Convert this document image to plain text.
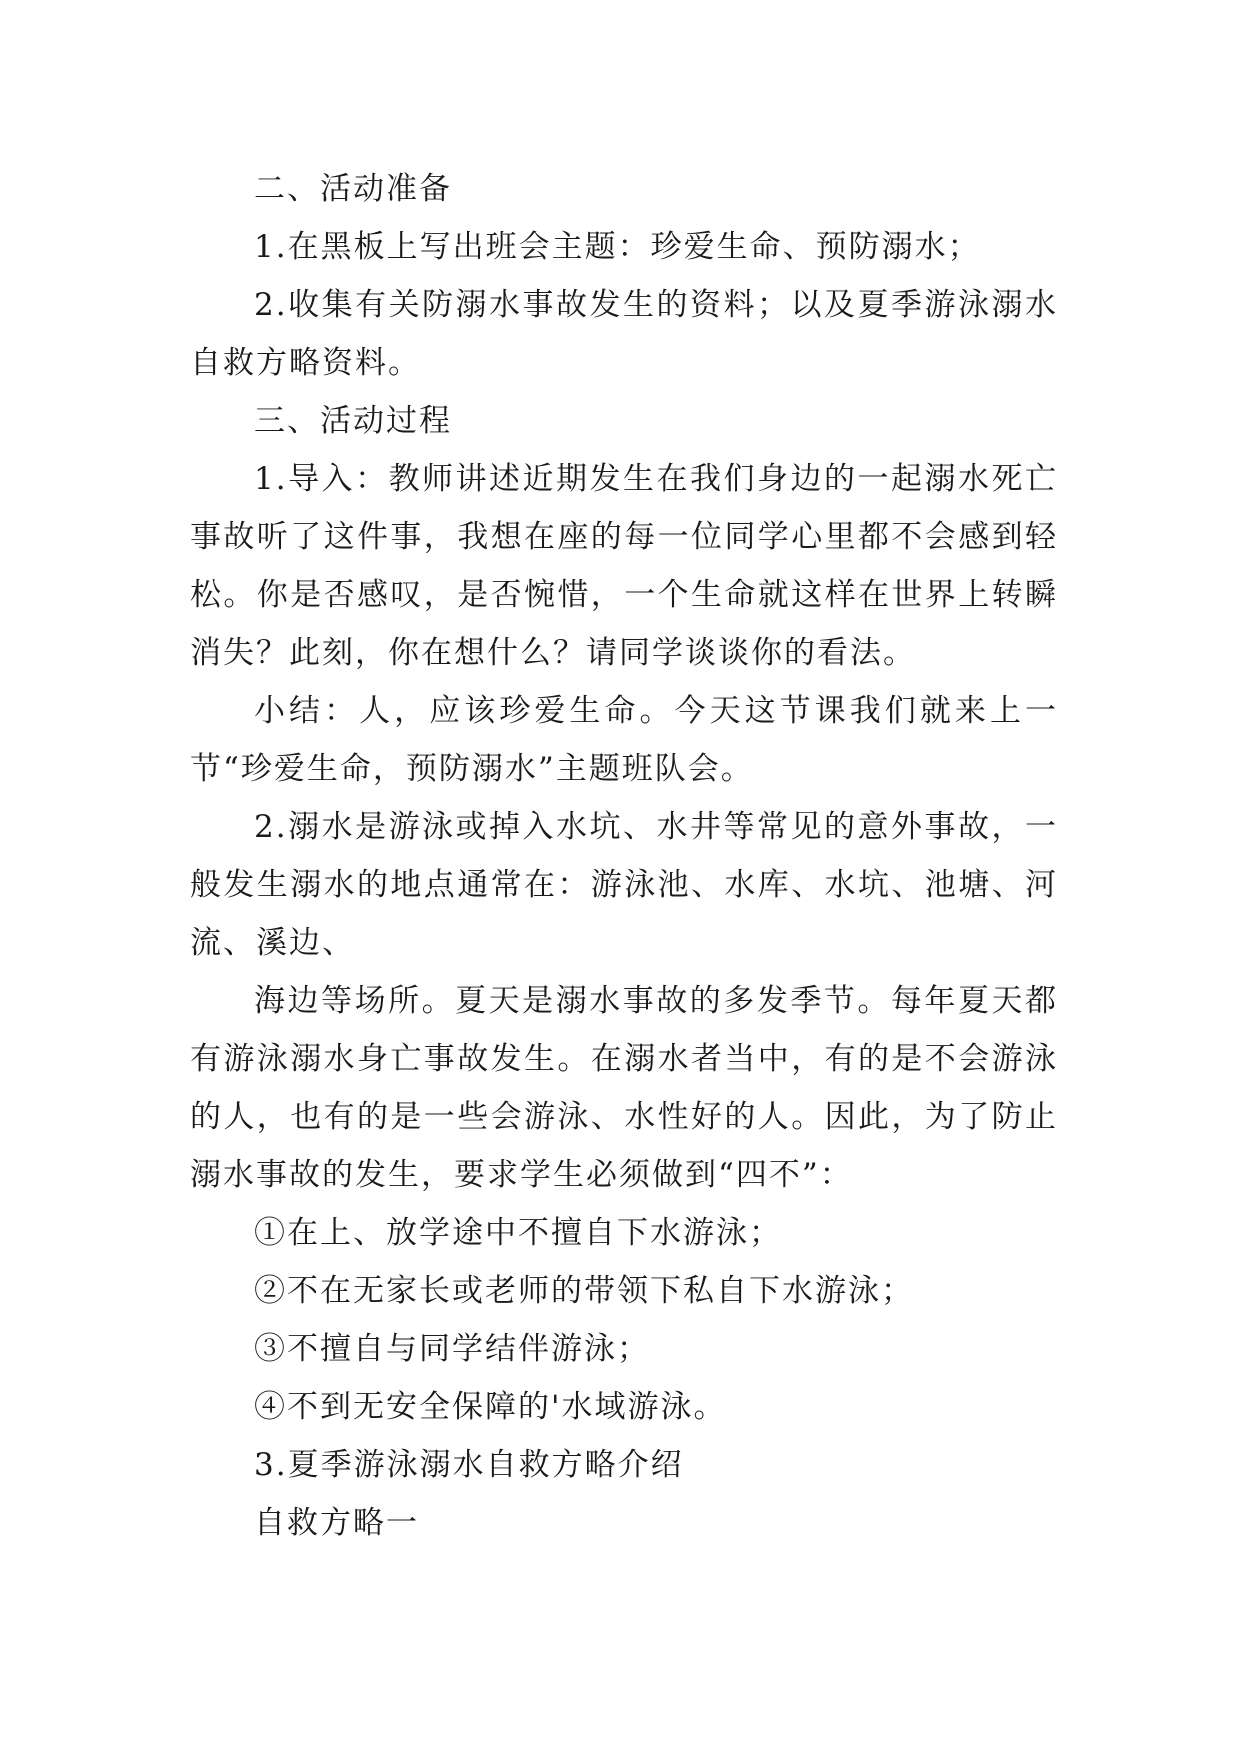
二、活动准备

1.在黑板上写出班会主题：珍爱生命、预防溺水；

2.收集有关防溺水事故发生的资料；以及夏季游泳溺水自救方略资料。

三、活动过程

1.导入：教师讲述近期发生在我们身边的一起溺水死亡事故听了这件事，我想在座的每一位同学心里都不会感到轻松。你是否感叹，是否惋惜，一个生命就这样在世界上转瞬消失？此刻，你在想什么？请同学谈谈你的看法。

小结：人，应该珍爱生命。今天这节课我们就来上一节“珍爱生命，预防溺水”主题班队会。

2.溺水是游泳或掉入水坑、水井等常见的意外事故，一般发生溺水的地点通常在：游泳池、水库、水坑、池塘、河流、溪边、

海边等场所。夏天是溺水事故的多发季节。每年夏天都有游泳溺水身亡事故发生。在溺水者当中，有的是不会游泳的人，也有的是一些会游泳、水性好的人。因此，为了防止溺水事故的发生，要求学生必须做到“四不”：

①在上、放学途中不擅自下水游泳；

②不在无家长或老师的带领下私自下水游泳；

③不擅自与同学结伴游泳；

④不到无安全保障的'水域游泳。

3.夏季游泳溺水自救方略介绍

自救方略一
